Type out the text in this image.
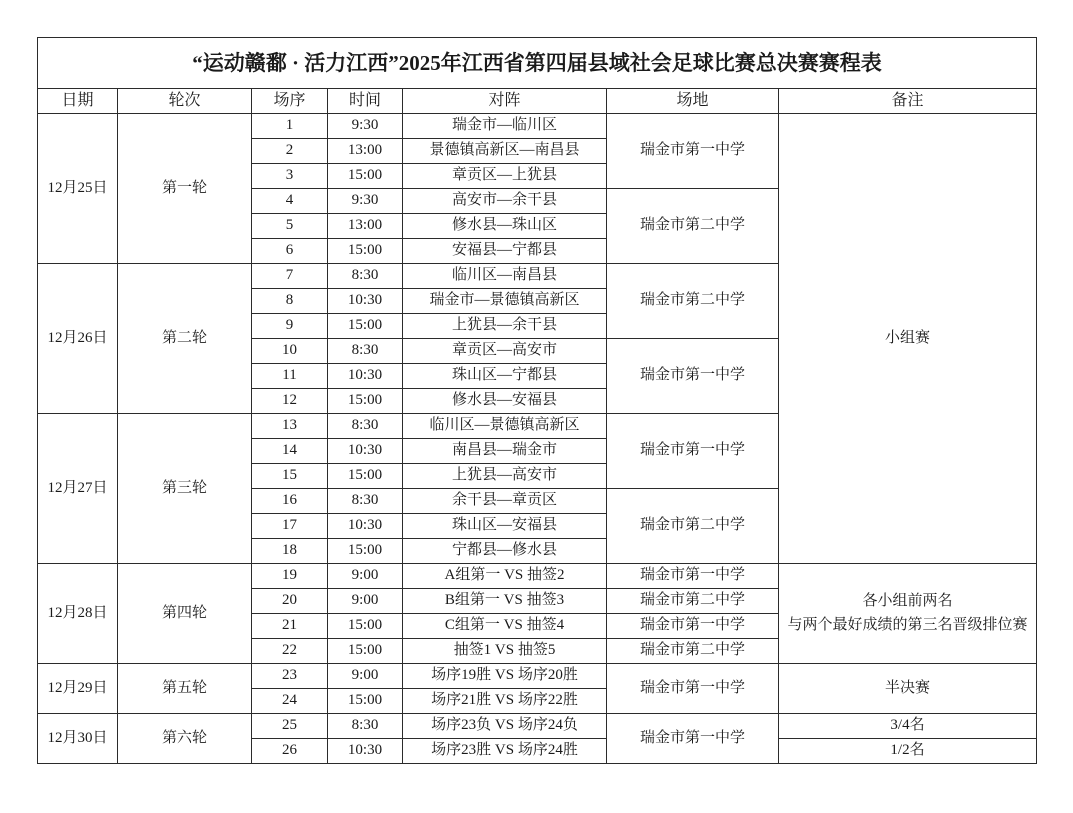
“运动赣鄱 · 活力江西”2025年江西省第四届县域社会足球比赛总决赛赛程表						
日期	轮次	场序	时间	对阵	场地	备注
12月25日	第一轮	1	9:30	瑞金市—临川区	瑞金市第一中学	小组赛
		2	13:00	景德镇高新区—南昌县		
		3	15:00	章贡区—上犹县		
		4	9:30	高安市—余干县	瑞金市第二中学	
		5	13:00	修水县—珠山区		
		6	15:00	安福县—宁都县		
12月26日	第二轮	7	8:30	临川区—南昌县	瑞金市第二中学	
		8	10:30	瑞金市—景德镇高新区		
		9	15:00	上犹县—余干县		
		10	8:30	章贡区—高安市	瑞金市第一中学	
		11	10:30	珠山区—宁都县		
		12	15:00	修水县—安福县		
12月27日	第三轮	13	8:30	临川区—景德镇高新区	瑞金市第一中学	
		14	10:30	南昌县—瑞金市		
		15	15:00	上犹县—高安市		
		16	8:30	余干县—章贡区	瑞金市第二中学	
		17	10:30	珠山区—安福县		
		18	15:00	宁都县—修水县		
12月28日	第四轮	19	9:00	A组第一 VS 抽签2	瑞金市第一中学	各小组前两名
与两个最好成绩的第三名晋级排位赛
		20	9:00	B组第一 VS 抽签3	瑞金市第二中学	
		21	15:00	C组第一 VS 抽签4	瑞金市第一中学	
		22	15:00	抽签1 VS 抽签5	瑞金市第二中学	
12月29日	第五轮	23	9:00	场序19胜 VS 场序20胜	瑞金市第一中学	半决赛
		24	15:00	场序21胜 VS 场序22胜		
12月30日	第六轮	25	8:30	场序23负 VS 场序24负	瑞金市第一中学	3/4名
		26	10:30	场序23胜 VS 场序24胜		1/2名
